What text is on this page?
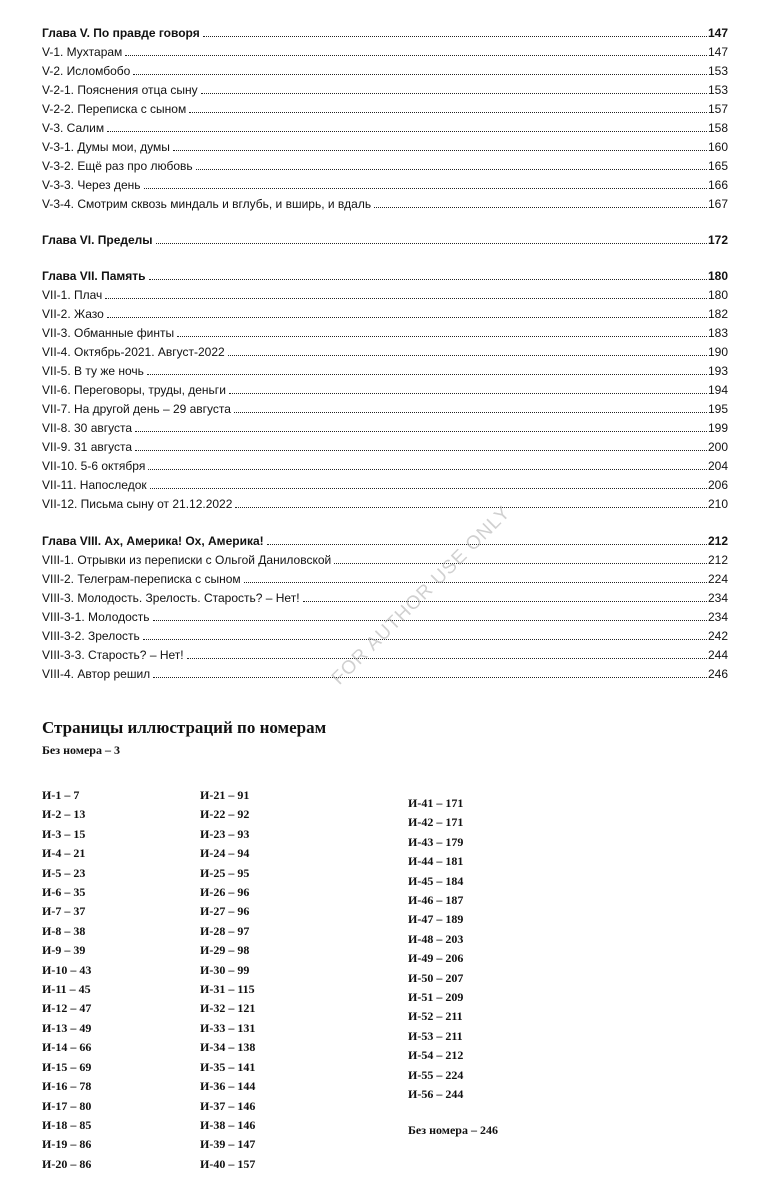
Глава V. По правде говоря	147
V-1. Мухтарам	147
V-2. Иcломбобо	153
V-2-1. Пояснения отца сыну	153
V-2-2. Переписка с сыном	157
V-3. Салим	158
V-3-1. Думы мои, думы	160
V-3-2. Ещё раз про любовь	165
V-3-3. Через день	166
V-3-4. Смотрим сквозь миндаль и вглубь, и вширь, и вдаль	167
Глава VI. Пределы	172
Глава VII. Память	180
VII-1. Плач	180
VII-2. Жазо	182
VII-3. Обманные финты	183
VII-4. Октябрь-2021. Август-2022	190
VII-5. В ту же ночь	193
VII-6. Переговоры, труды, деньги	194
VII-7. На другой день – 29 августа	195
VII-8. 30 августа	199
VII-9. 31 августа	200
VII-10. 5-6 октября	204
VII-11. Напоследок	206
VII-12. Письма сыну от 21.12.2022	210
Глава VIII. Ах, Америка! Ох, Америка!	212
VIII-1. Отрывки из переписки с Ольгой Даниловской	212
VIII-2. Телеграм-переписка с сыном	224
VIII-3. Молодость. Зрелость. Старость? – Нет!	234
VIII-3-1. Молодость	234
VIII-3-2. Зрелость	242
VIII-3-3. Старость? – Нет!	244
VIII-4. Автор решил	246
Страницы иллюстраций по номерам
Без номера – 3
И-1 – 7
И-2 – 13
И-3 – 15
И-4 – 21
И-5 – 23
И-6 – 35
И-7 – 37
И-8 – 38
И-9 – 39
И-10 – 43
И-11 – 45
И-12 – 47
И-13 – 49
И-14 – 66
И-15 – 69
И-16 – 78
И-17 – 80
И-18 – 85
И-19 – 86
И-20 – 86
И-21 – 91
И-22 – 92
И-23 – 93
И-24 – 94
И-25 – 95
И-26 – 96
И-27 – 96
И-28 – 97
И-29 – 98
И-30 – 99
И-31 – 115
И-32 – 121
И-33 – 131
И-34 – 138
И-35 – 141
И-36 – 144
И-37 – 146
И-38 – 146
И-39 – 147
И-40 – 157
И-41 – 171
И-42 – 171
И-43 – 179
И-44 – 181
И-45 – 184
И-46 – 187
И-47 – 189
И-48 – 203
И-49 – 206
И-50 – 207
И-51 – 209
И-52 – 211
И-53 – 211
И-54 – 212
И-55 – 224
И-56 – 244
Без номера – 246
FOR AUTHOR USE ONLY
